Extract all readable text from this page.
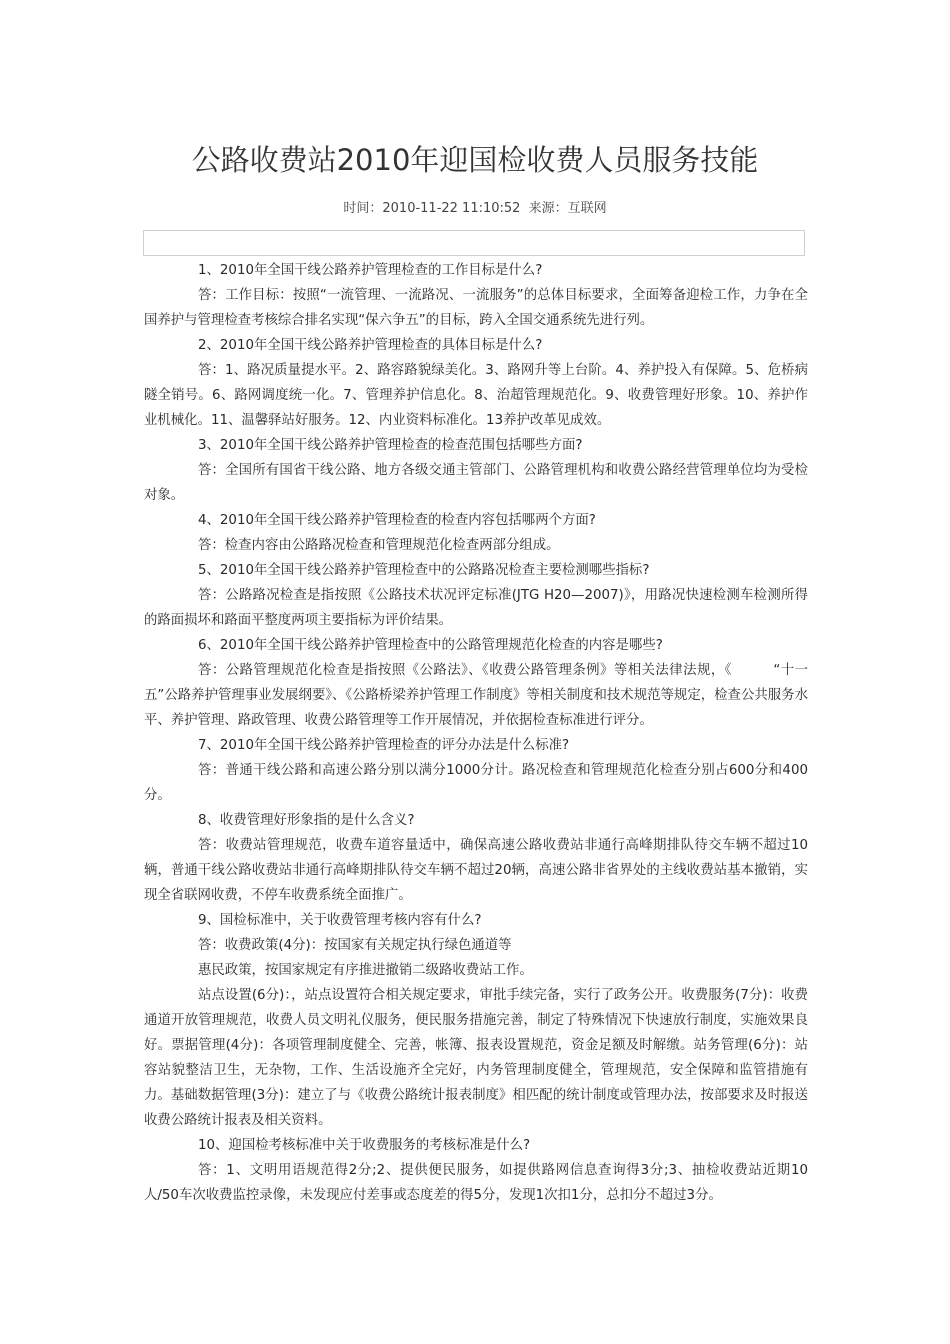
公路收费站2010年迎国检收费人员服务技能
时间：2010-11-22 11:10:52 来源：互联网

1、2010年全国干线公路养护管理检查的工作目标是什么?

答：工作目标：按照“一流管理、一流路况、一流服务”的总体目标要求，全面筹备迎检工作，力争在全国养护与管理检查考核综合排名实现“保六争五”的目标，跨入全国交通系统先进行列。

2、2010年全国干线公路养护管理检查的具体目标是什么?

答：1、路况质量提水平。2、路容路貌绿美化。3、路网升等上台阶。4、养护投入有保障。5、危桥病隧全销号。6、路网调度统一化。7、管理养护信息化。8、治超管理规范化。9、收费管理好形象。10、养护作业机械化。11、温馨驿站好服务。12、内业资料标准化。13养护改革见成效。

3、2010年全国干线公路养护管理检查的检查范围包括哪些方面?

答：全国所有国省干线公路、地方各级交通主管部门、公路管理机构和收费公路经营管理单位均为受检对象。

4、2010年全国干线公路养护管理检查的检查内容包括哪两个方面?

答：检查内容由公路路况检查和管理规范化检查两部分组成。

5、2010年全国干线公路养护管理检查中的公路路况检查主要检测哪些指标?

答：公路路况检查是指按照《公路技术状况评定标准(JTG H20—2007)》，用路况快速检测车检测所得的路面损坏和路面平整度两项主要指标为评价结果。

6、2010年全国干线公路养护管理检查中的公路管理规范化检查的内容是哪些?

答：公路管理规范化检查是指按照《公路法》、《收费公路管理条例》等相关法律法规，《　　　“十一五”公路养护管理事业发展纲要》、《公路桥梁养护管理工作制度》等相关制度和技术规范等规定，检查公共服务水平、养护管理、路政管理、收费公路管理等工作开展情况，并依据检查标准进行评分。

7、2010年全国干线公路养护管理检查的评分办法是什么标准?

答：普通干线公路和高速公路分别以满分1000分计。路况检查和管理规范化检查分别占600分和400分。

8、收费管理好形象指的是什么含义?

答：收费站管理规范，收费车道容量适中，确保高速公路收费站非通行高峰期排队待交车辆不超过10辆，普通干线公路收费站非通行高峰期排队待交车辆不超过20辆，高速公路非省界处的主线收费站基本撤销，实现全省联网收费，不停车收费系统全面推广。

9、国检标准中，关于收费管理考核内容有什么?

答：收费政策(4分)：按国家有关规定执行绿色通道等

惠民政策，按国家规定有序推进撤销二级路收费站工作。

站点设置(6分)：，站点设置符合相关规定要求，审批手续完备，实行了政务公开。收费服务(7分)：收费通道开放管理规范，收费人员文明礼仪服务，便民服务措施完善，制定了特殊情况下快速放行制度，实施效果良好。票据管理(4分)：各项管理制度健全、完善，帐簿、报表设置规范，资金足额及时解缴。站务管理(6分)：站容站貌整洁卫生，无杂物，工作、生活设施齐全完好，内务管理制度健全，管理规范，安全保障和监管措施有力。基础数据管理(3分)：建立了与《收费公路统计报表制度》相匹配的统计制度或管理办法，按部要求及时报送收费公路统计报表及相关资料。

10、迎国检考核标准中关于收费服务的考核标准是什么?

答：1、文明用语规范得2分;2、提供便民服务，如提供路网信息查询得3分;3、抽检收费站近期10人/50车次收费监控录像，未发现应付差事或态度差的得5分，发现1次扣1分，总扣分不超过3分。
